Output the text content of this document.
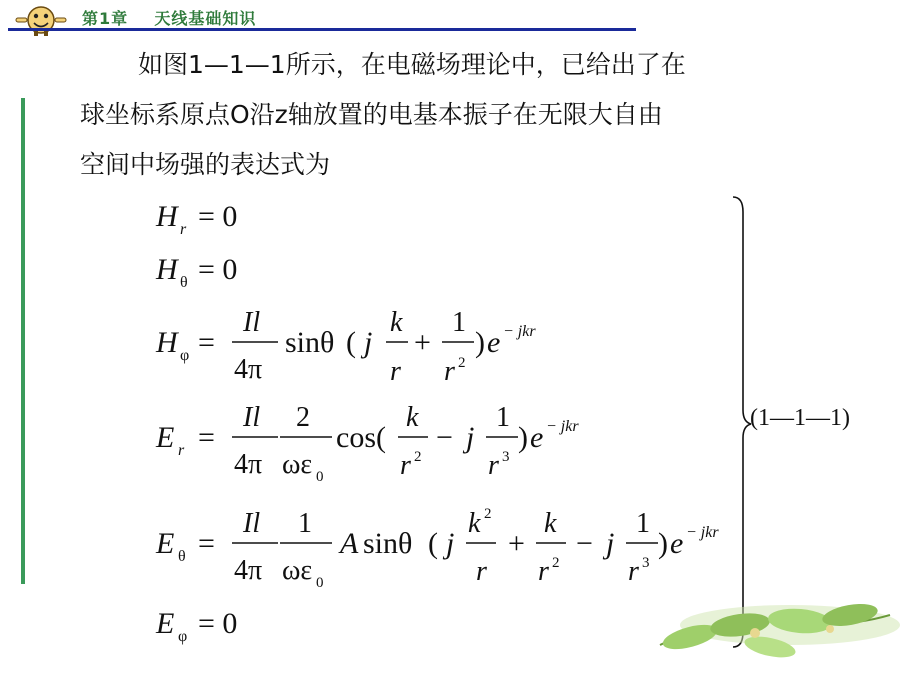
第1章    天线基础知识
如图1—1—1所示，在电磁场理论中，已给出了在
球坐标系原点O沿z轴放置的电基本振子在无限大自由
空间中场强的表达式为
H r = 0
H θ = 0
H φ =
Il
4π
sinθ ( j
k
r
+
1
r 2
) e − jkr
E r =
Il
4π
2
ωε 0
cos(
k
r 2
− j
1
r 3
) e − jkr
E θ =
Il
4π
1
ωε 0
A sinθ ( j
k 2
r
+
k
r 2
− j
1
r 3
) e − jkr
E φ = 0
(1—1—1)
